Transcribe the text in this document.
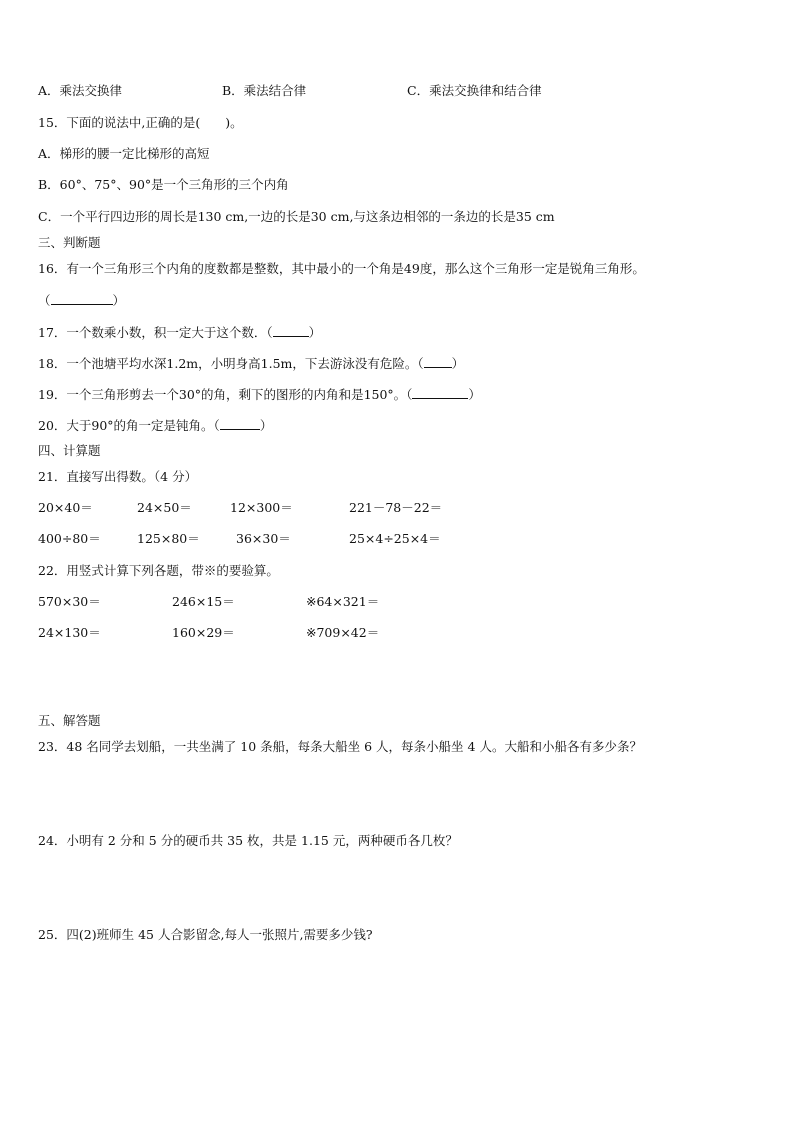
A．乘法交换律	B．乘法结合律	C．乘法交换律和结合律
15．下面的说法中,正确的是(　　)。
A．梯形的腰一定比梯形的高短
B．60°、75°、90°是一个三角形的三个内角
C．一个平行四边形的周长是130 cm,一边的长是30 cm,与这条边相邻的一条边的长是35 cm
三、判断题
16．有一个三角形三个内角的度数都是整数，其中最小的一个角是49度，那么这个三角形一定是锐角三角形。
（	）
17．一个数乘小数，积一定大于这个数．（	）
18．一个池塘平均水深1.2m，小明身高1.5m，下去游泳没有危险。（ ）
19．一个三角形剪去一个30°的角，剩下的图形的内角和是150°。（	）
20．大于90°的角一定是钝角。（	）
四、计算题
21．直接写出得数。（4 分）
20×40＝	24×50＝	12×300＝	221－78－22＝
400÷80＝	125×80＝	36×30＝	25×4÷25×4＝
22．用竖式计算下列各题，带※的要验算。
570×30＝	246×15＝	※64×321＝
24×130＝	160×29＝	※709×42＝
五、解答题
23．48 名同学去划船，一共坐满了 10 条船，每条大船坐 6 人，每条小船坐 4 人。大船和小船各有多少条？
24．小明有 2 分和 5 分的硬币共 35 枚，共是 1.15 元，两种硬币各几枚？
25．四(2)班师生 45 人合影留念,每人一张照片,需要多少钱?
